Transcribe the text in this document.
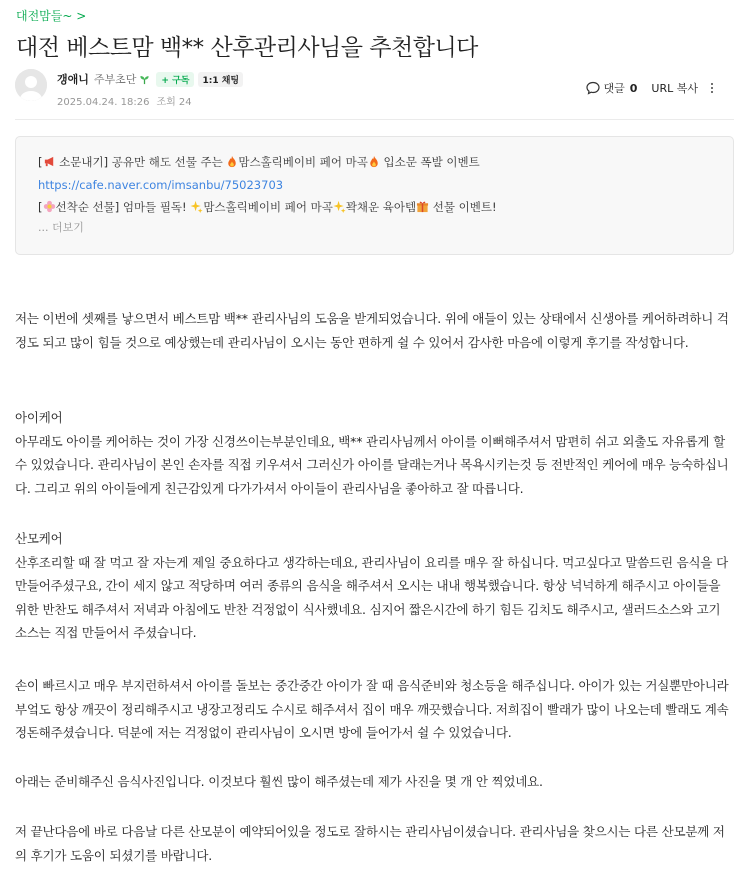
대전맘들~ >
대전 베스트맘 백** 산후관리사님을 추천합니다
갱애니 주부초단	+ 구독	1:1 채팅
2025.04.24. 18:26 조회 24
댓글 0 URL 복사
[ 소문내기] 공유만 해도 선물 주는 맘스홀릭베이비 페어 마곡 입소문 폭발 이벤트
https://cafe.naver.com/imsanbu/75023703
[ 선착순 선물] 엄마들 필독! 맘스홀릭베이비 페어 마곡 꽉채운 육아템 선물 이벤트!
... 더보기

저는 이번에 셋째를 낳으면서 베스트맘 백** 관리사님의 도움을 받게되었습니다. 위에 애들이 있는 상태에서 신생아를 케어하려하니 걱정도 되고 많이 힘들 것으로 예상했는데 관리사님이 오시는 동안 편하게 쉴 수 있어서 감사한 마음에 이렇게 후기를 작성합니다.

아이케어
아무래도 아이를 케어하는 것이 가장 신경쓰이는부분인데요, 백** 관리사님께서 아이를 이뻐해주셔서 맘편히 쉬고 외출도 자유롭게 할 수 있었습니다. 관리사님이 본인 손자를 직접 키우셔서 그러신가 아이를 달래는거나 목욕시키는것 등 전반적인 케어에 매우 능숙하십니다. 그리고 위의 아이들에게 친근감있게 다가가셔서 아이들이 관리사님을 좋아하고 잘 따릅니다.
산모케어
산후조리할 때 잘 먹고 잘 자는게 제일 중요하다고 생각하는데요, 관리사님이 요리를 매우 잘 하십니다. 먹고싶다고 말씀드린 음식을 다 만들어주셨구요, 간이 세지 않고 적당하며 여러 종류의 음식을 해주셔서 오시는 내내 행복했습니다. 항상 넉넉하게 해주시고 아이들을 위한 반찬도 해주셔서 저녁과 아침에도 반찬 걱정없이 식사했네요. 심지어 짧은시간에 하기 힘든 김치도 해주시고, 샐러드소스와 고기 소스는 직접 만들어서 주셨습니다.

손이 빠르시고 매우 부지런하셔서 아이를 돌보는 중간중간 아이가 잘 때 음식준비와 청소등을 해주십니다. 아이가 있는 거실뿐만아니라 부엌도 항상 깨끗이 정리해주시고 냉장고정리도 수시로 해주셔서 집이 매우 깨끗했습니다. 저희집이 빨래가 많이 나오는데 빨래도 계속 정돈해주셨습니다. 덕분에 저는 걱정없이 관리사님이 오시면 방에 들어가서 쉴 수 있었습니다.

아래는 준비해주신 음식사진입니다. 이것보다 훨씬 많이 해주셨는데 제가 사진을 몇 개 안 찍었네요.

저 끝난다음에 바로 다음날 다른 산모분이 예약되어있을 정도로 잘하시는 관리사님이셨습니다. 관리사님을 찾으시는 다른 산모분께 저의 후기가 도움이 되셨기를 바랍니다.
